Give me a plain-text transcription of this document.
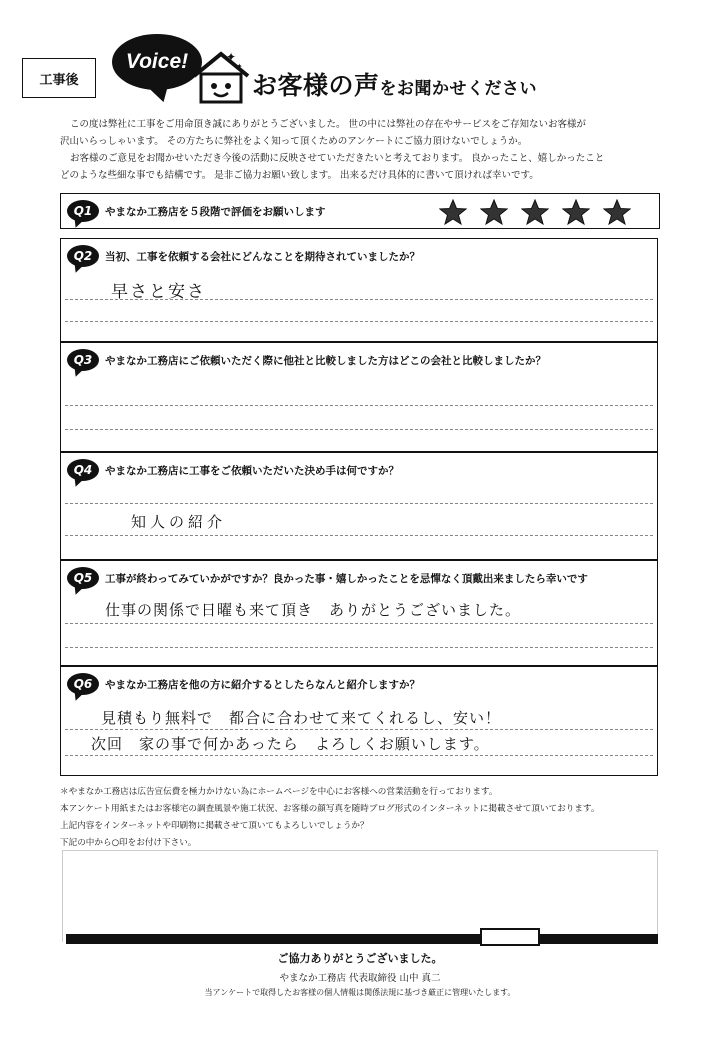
工事後
Voice!	✦
✦
お客様の声をお聞かせください

この度は弊社に工事をご用命頂き誠にありがとうございました。 世の中には弊社の存在やサービスをご存知ないお客様が

沢山いらっしゃいます。 その方たちに弊社をよく知って頂くためのアンケートにご協力頂けないでしょうか。

お客様のご意見をお聞かせいただき今後の活動に反映させていただきたいと考えております。 良かったこと、嬉しかったこと

どのような些細な事でも結構です。 是非ご協力お願い致します。 出来るだけ具体的に書いて頂ければ幸いです。

Q1	やまなか工務店を５段階で評価をお願いします
Q2	当初、工事を依頼する会社にどんなことを期待されていましたか？
早さと安さ
Q3	やまなか工務店にご依頼いただく際に他社と比較しました方はどこの会社と比較しましたか？
Q4	やまなか工務店に工事をご依頼いただいた決め手は何ですか？
知人の紹介
Q5	工事が終わってみていかがですか？良かった事・嬉しかったことを忌憚なく頂戴出来ましたら幸いです
仕事の関係で日曜も来て頂き　ありがとうございました。
Q6	やまなか工務店を他の方に紹介するとしたらなんと紹介しますか？
見積もり無料で　都合に合わせて来てくれるし、安い！
次回　家の事で何かあったら　よろしくお願いします。

＊やまなか工務店は広告宣伝費を極力かけない為にホームページを中心にお客様への営業活動を行っております。

本アンケート用紙またはお客様宅の調査風景や施工状況、お客様の顔写真を随時ブログ形式のインターネットに掲載させて頂いております。

上記内容をインターネットや印刷物に掲載させて頂いてもよろしいでしょうか？

下記の中から○印をお付け下さい。

ご協力ありがとうございました。
やまなか工務店 代表取締役 山中 真二
当アンケートで取得したお客様の個人情報は関係法規に基づき厳正に管理いたします。
